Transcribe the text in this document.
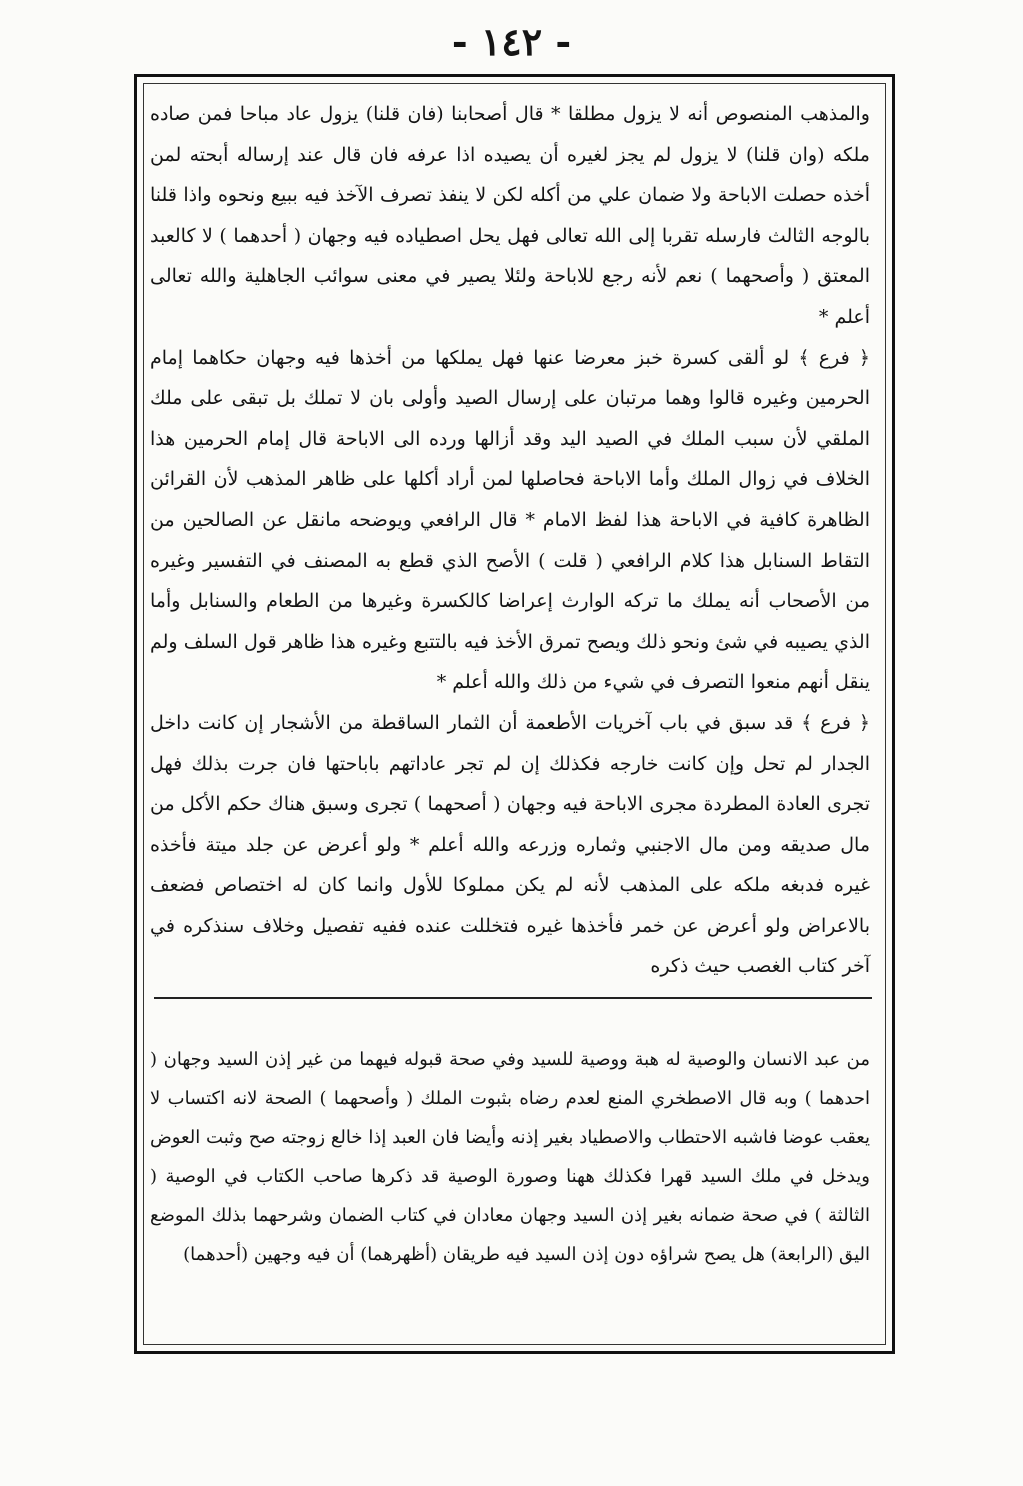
- ١٤٢ -

والمذهب المنصوص أنه لا يزول مطلقا * قال أصحابنا (فان قلنا) يزول عاد مباحا فمن صاده ملكه (وان قلنا) لا يزول لم يجز لغيره أن يصيده اذا عرفه فان قال عند إرساله أبحته لمن أخذه حصلت الاباحة ولا ضمان علي من أكله لكن لا ينفذ تصرف الآخذ فيه ببيع ونحوه واذا قلنا بالوجه الثالث فارسله تقربا إلى الله تعالى فهل يحل اصطياده فيه وجهان ( أحدهما ) لا كالعبد المعتق ( وأصحهما ) نعم لأنه رجع للاباحة ولئلا يصير في معنى سوائب الجاهلية والله تعالى أعلم *

﴿ فرع ﴾ لو ألقى كسرة خبز معرضا عنها فهل يملكها من أخذها فيه وجهان حكاهما إمام الحرمين وغيره قالوا وهما مرتبان على إرسال الصيد وأولى بان لا تملك بل تبقى على ملك الملقي لأن سبب الملك في الصيد اليد وقد أزالها ورده الى الاباحة قال إمام الحرمين هذا الخلاف في زوال الملك وأما الاباحة فحاصلها لمن أراد أكلها على ظاهر المذهب لأن القرائن الظاهرة كافية في الاباحة هذا لفظ الامام * قال الرافعي ويوضحه مانقل عن الصالحين من التقاط السنابل هذا كلام الرافعي ( قلت ) الأصح الذي قطع به المصنف في التفسير وغيره من الأصحاب أنه يملك ما تركه الوارث إعراضا كالكسرة وغيرها من الطعام والسنابل وأما الذي يصيبه في شئ ونحو ذلك ويصح تمرق الأخذ فيه بالتتبع وغيره هذا ظاهر قول السلف ولم ينقل أنهم منعوا التصرف في شيء من ذلك والله أعلم *

﴿ فرع ﴾ قد سبق في باب آخريات الأطعمة أن الثمار الساقطة من الأشجار إن كانت داخل الجدار لم تحل وإن كانت خارجه فكذلك إن لم تجر عاداتهم باباحتها فان جرت بذلك فهل تجرى العادة المطردة مجرى الاباحة فيه وجهان ( أصحهما ) تجرى وسبق هناك حكم الأكل من مال صديقه ومن مال الاجنبي وثماره وزرعه والله أعلم * ولو أعرض عن جلد ميتة فأخذه غيره فدبغه ملكه على المذهب لأنه لم يكن مملوكا للأول وانما كان له اختصاص فضعف بالاعراض ولو أعرض عن خمر فأخذها غيره فتخللت عنده ففيه تفصيل وخلاف سنذكره في آخر كتاب الغصب حيث ذكره

من عبد الانسان والوصية له هبة ووصية للسيد وفي صحة قبوله فيهما من غير إذن السيد وجهان ( احدهما ) وبه قال الاصطخري المنع لعدم رضاه بثبوت الملك ( وأصحهما ) الصحة لانه اكتساب لا يعقب عوضا فاشبه الاحتطاب والاصطياد بغير إذنه وأيضا فان العبد إذا خالع زوجته صح وثبت العوض ويدخل في ملك السيد قهرا فكذلك ههنا وصورة الوصية قد ذكرها صاحب الكتاب في الوصية ( الثالثة ) في صحة ضمانه بغير إذن السيد وجهان معادان في كتاب الضمان وشرحهما بذلك الموضع اليق (الرابعة) هل يصح شراؤه دون إذن السيد فيه طريقان (أظهرهما) أن فيه وجهين (أحدهما)
